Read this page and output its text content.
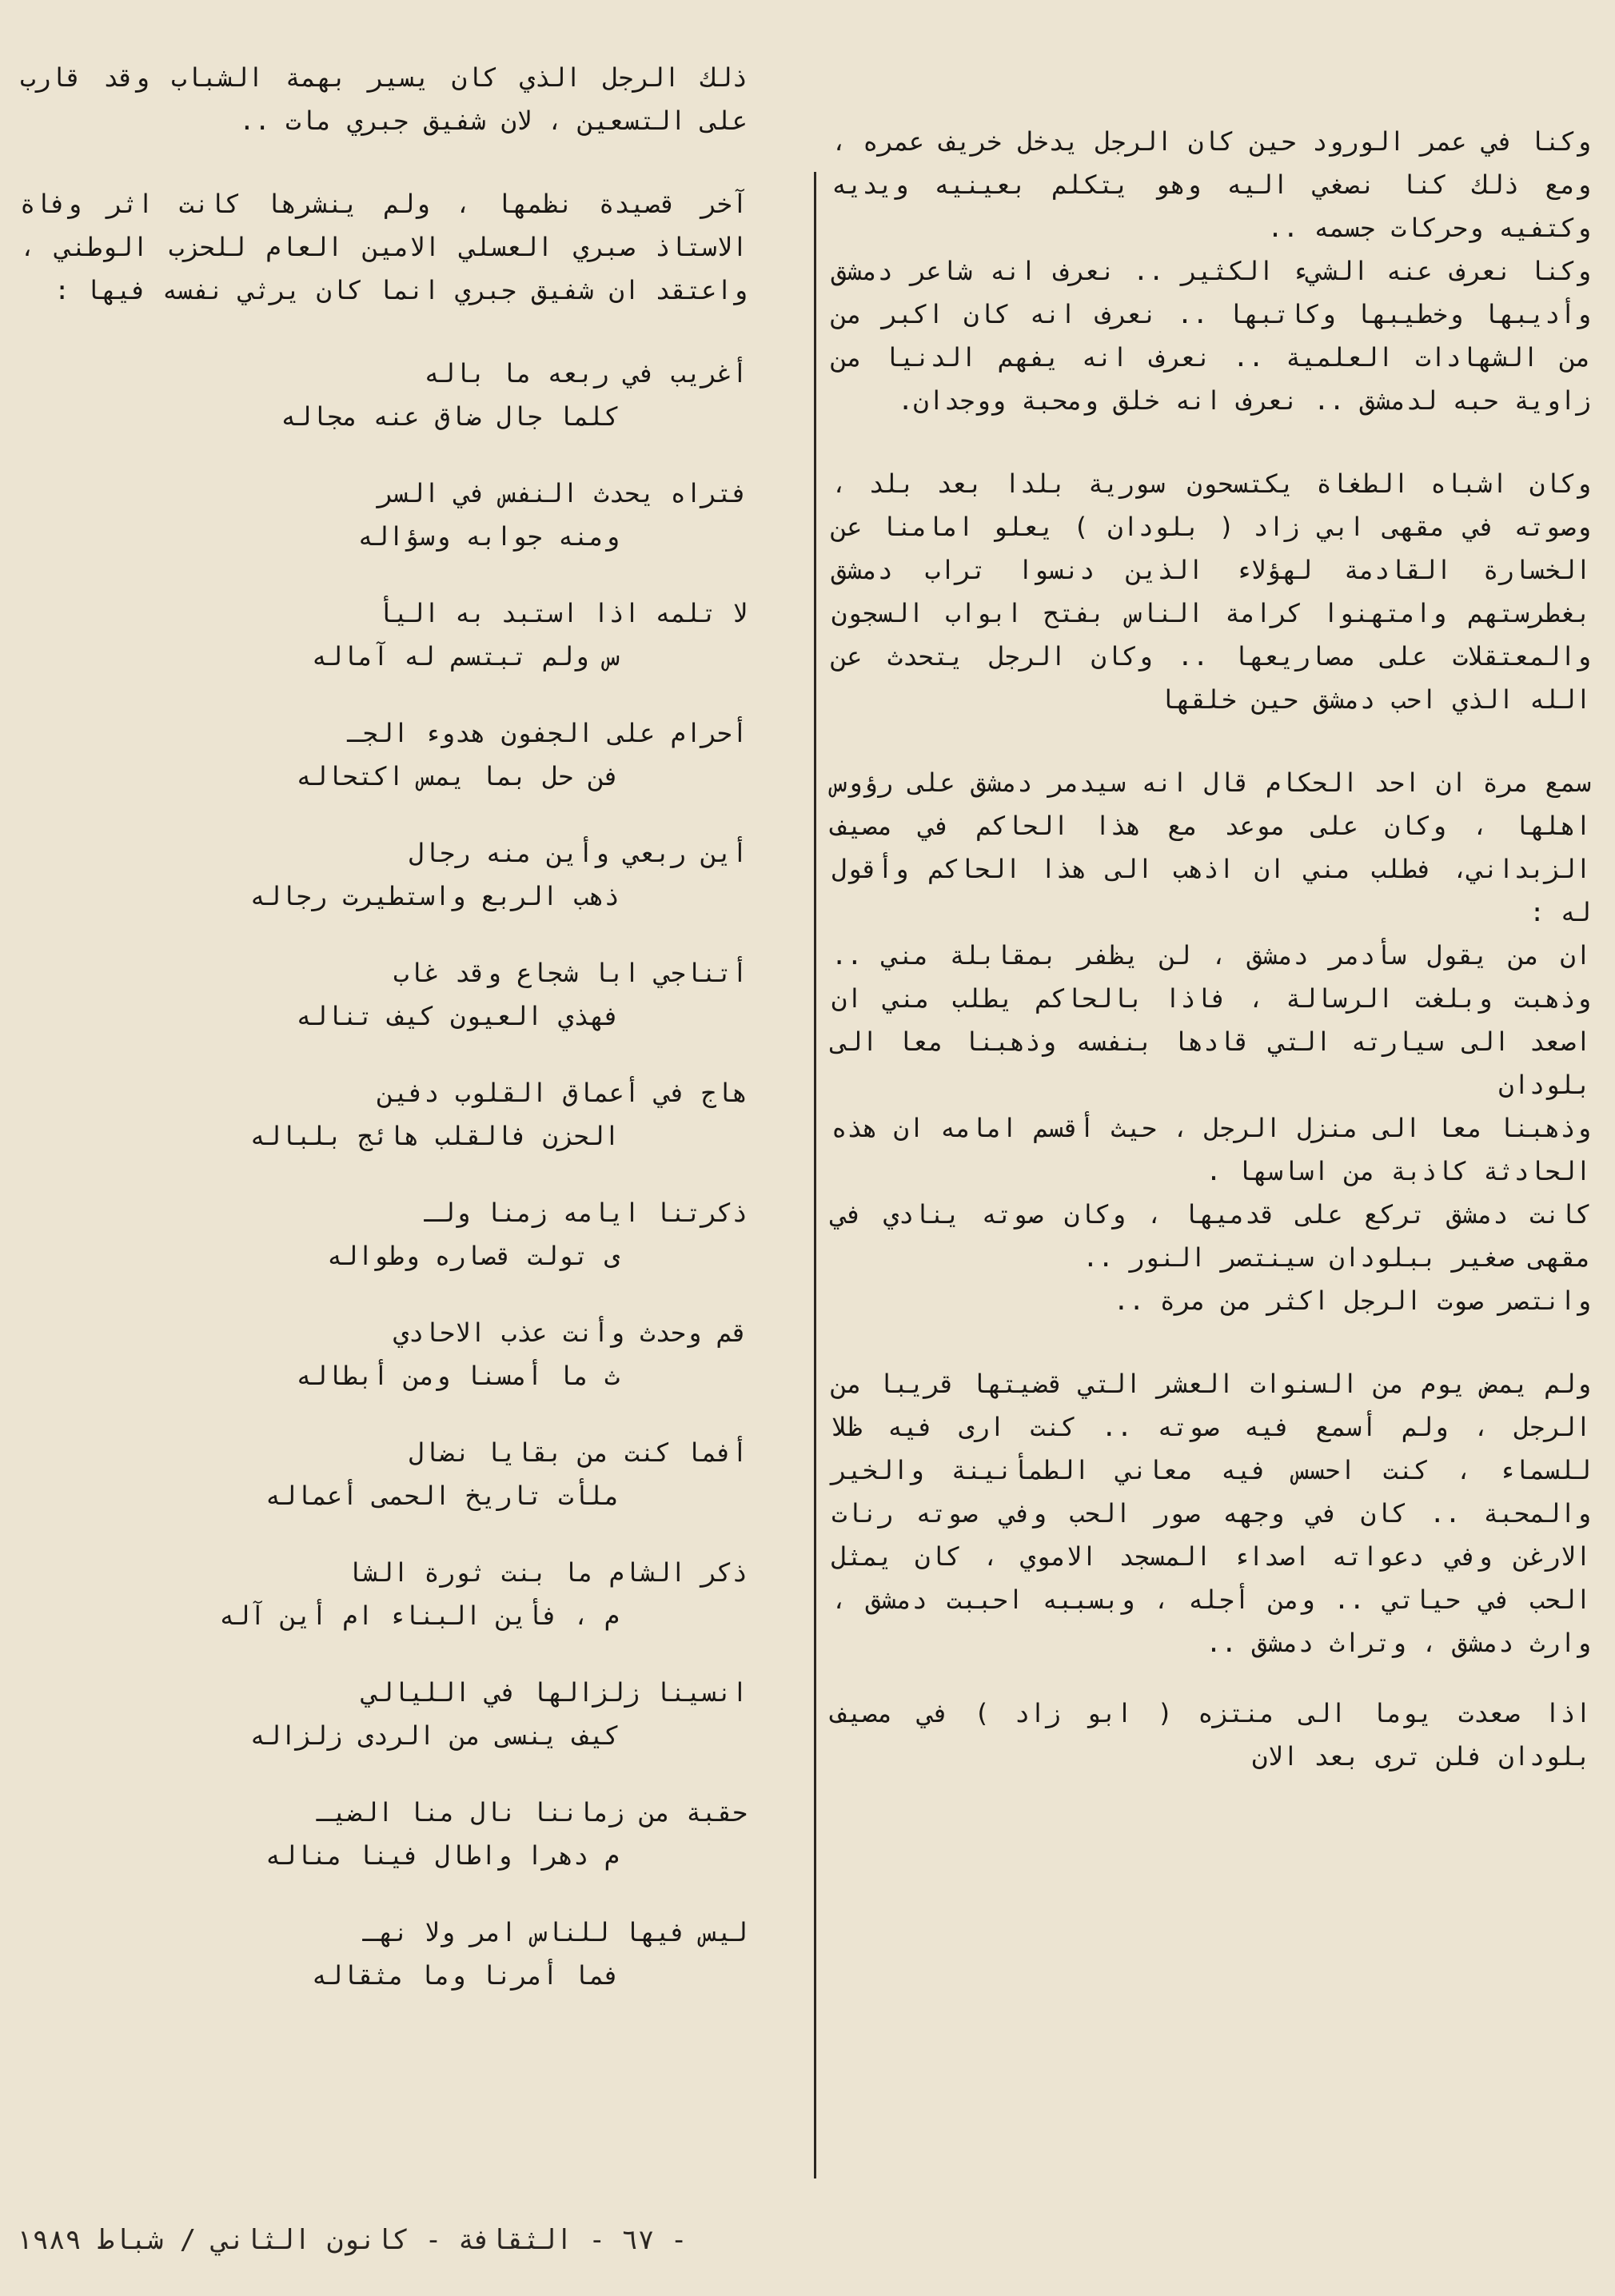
وكنا في عمر الورود حين كان الرجل يدخل خريف عمره ، ومع ذلك كنا نصغي اليه وهو يتكلم بعينيه ويديه وكتفيه وحركات جسمه ..

وكنا نعرف عنه الشيء الكثير .. نعرف انه شاعر دمشق وأديبها وخطيبها وكاتبها .. نعرف انه كان اكبر من من الشهادات العلمية .. نعرف انه يفهم الدنيا من زاوية حبه لدمشق .. نعرف انه خلق ومحبة ووجدان.

وكان اشباه الطغاة يكتسحون سورية بلدا بعد بلد ، وصوته في مقهى ابي زاد ( بلودان ) يعلو امامنا عن الخسارة القادمة لهؤلاء الذين دنسوا تراب دمشق بغطرستهم وامتهنوا كرامة الناس بفتح ابواب السجون والمعتقلات على مصاريعها .. وكان الرجل يتحدث عن الله الذي احب دمشق حين خلقها

سمع مرة ان احد الحكام قال انه سيدمر دمشق على رؤوس اهلها ، وكان على موعد مع هذا الحاكم في مصيف الزبداني، فطلب مني ان اذهب الى هذا الحاكم وأقول له :

ان من يقول سأدمر دمشق ، لن يظفر بمقابلة مني .. وذهبت وبلغت الرسالة ، فاذا بالحاكم يطلب مني ان اصعد الى سيارته التي قادها بنفسه وذهبنا معا الى بلودان

وذهبنا معا الى منزل الرجل ، حيث أقسم امامه ان هذه الحادثة كاذبة من اساسها .

كانت دمشق تركع على قدميها ، وكان صوته ينادي في مقهى صغير ببلودان سينتصر النور ..

وانتصر صوت الرجل اكثر من مرة ..

ولم يمض يوم من السنوات العشر التي قضيتها قريبا من الرجل ، ولم أسمع فيه صوته .. كنت ارى فيه ظلا للسماء ، كنت احسس فيه معاني الطمأنينة والخير والمحبة .. كان في وجهه صور الحب وفي صوته رنات الارغن وفي دعواته اصداء المسجد الاموي ، كان يمثل الحب في حياتي .. ومن أجله ، وبسببه احببت دمشق ، وارث دمشق ، وتراث دمشق ..

اذا صعدت يوما الى منتزه ( ابو زاد ) في مصيف بلودان فلن ترى بعد الان

ذلك الرجل الذي كان يسير بهمة الشباب وقد قارب على التسعين ، لان شفيق جبري مات ..

آخر قصيدة نظمها ، ولم ينشرها كانت اثر وفاة الاستاذ صبري العسلي الامين العام للحزب الوطني ، واعتقد ان شفيق جبري انما كان يرثي نفسه فيها :

أغريب في ربعه ما باله
كلما جال ضاق عنه مجاله
فتراه يحدث النفس في السر
ومنه جوابه وسؤاله
لا تلمه اذا استبد به اليأ
س ولم تبتسم له آماله
أحرام على الجفون هدوء الجـ
فن حل بما يمس اكتحاله
أين ربعي وأين منه رجال
ذهب الربع واستطيرت رجاله
أتناجي ابا شجاع وقد غاب
فهذي العيون كيف تناله
هاج في أعماق القلوب دفين
الحزن فالقلب هائج بلباله
ذكرتنا ايامه زمنا ولـ
ى تولت قصاره وطواله
قم وحدث وأنت عذب الاحادي
ث ما أمسنا ومن أبطاله
أفما كنت من بقايا نضال
ملأت تاريخ الحمى أعماله
ذكر الشام ما بنت ثورة الشا
م ، فأين البناء ام أين آله
انسينا زلزالها في الليالي
كيف ينسى من الردى زلزاله
حقبة من زماننا نال منا الضيـ
م دهرا واطال فينا مناله
ليس فيها للناس امر ولا نهـ
فما أمرنا وما مثقاله
- ٦٧ - الثقافة - كانون الثاني / شباط ١٩٨٩
